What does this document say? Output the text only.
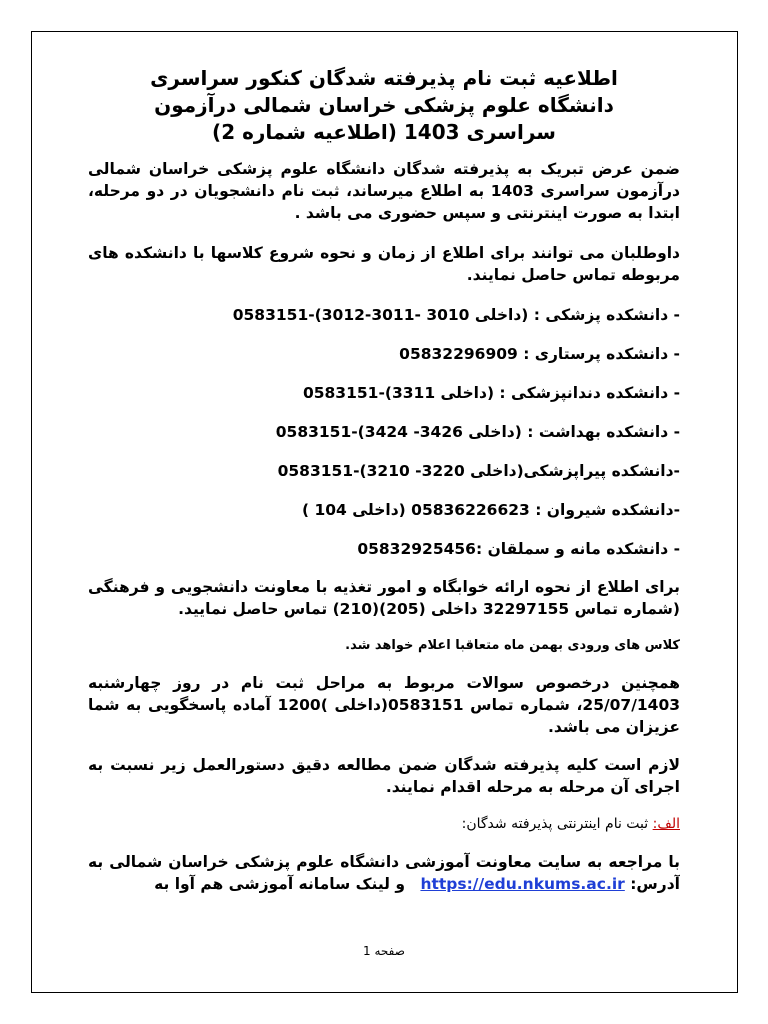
اطلاعیه ثبت نام پذیرفته شدگان کنکور سراسری
دانشگاه علوم پزشکی خراسان شمالی درآزمون
سراسری 1403 (اطلاعیه شماره 2)

ضمن عرض تبریک به پذیرفته شدگان دانشگاه علوم پزشکی خراسان شمالی درآزمون سراسری 1403 به اطلاع میرساند، ثبت نام دانشجویان در دو مرحله، ابتدا به صورت اینترنتی و سپس حضوری می باشد .

داوطلبان می توانند برای اطلاع از زمان و نحوه شروع کلاسها با دانشکده های مربوطه تماس حاصل نمایند.

- دانشکده پزشکی : (داخلی 3010 -3011-3012)-0583151
- دانشکده پرستاری : 05832296909
- دانشکده دندانپزشکی : (داخلی 3311)-0583151
- دانشکده بهداشت : (داخلی 3426- 3424)-0583151
-دانشکده پیراپزشکی(داخلی 3220- 3210)-0583151
-دانشکده شیروان : 05836226623 (داخلی 104 )
- دانشکده مانه و سملقان :05832925456

برای اطلاع از نحوه ارائه خوابگاه و امور تغذیه با معاونت دانشجویی و فرهنگی (شماره تماس 32297155 داخلی (205)(210) تماس حاصل نمایید.

کلاس های ورودی بهمن ماه متعاقبا اعلام خواهد شد.

همچنین درخصوص سوالات مربوط به مراحل ثبت نام در روز چهارشنبه 25/07/1403، شماره تماس 0583151(داخلی )1200 آماده پاسخگویی به شما عزیزان می باشد.

لازم است کلیه پذیرفته شدگان ضمن مطالعه دقیق دستورالعمل زیر نسبت به اجرای آن مرحله به مرحله اقدام نمایند.

الف: ثبت نام اینترنتی پذیرفته شدگان:

با مراجعه به سایت معاونت آموزشی دانشگاه علوم پزشکی خراسان شمالی به آدرس: https://edu.nkums.ac.ir و لینک سامانه آموزشی هم آوا به

صفحه 1
